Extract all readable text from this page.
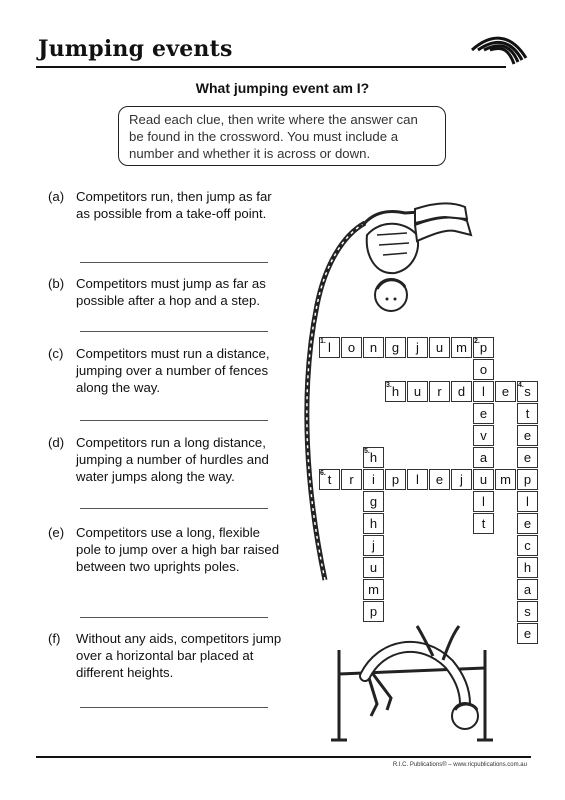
Jumping events
What jumping event am I?
Read each clue, then write where the answer can be found in the crossword. You must include a number and whether it is across or down.
(a) Competitors run, then jump as far as possible from a take-off point.
(b) Competitors must jump as far as possible after a hop and a step.
(c) Competitors must run a distance, jumping over a number of fences along the way.
(d) Competitors run a long distance, jumping a number of hurdles and water jumps along the way.
(e) Competitors use a long, flexible pole to jump over a high bar raised between two uprights poles.
(f) Without any aids, competitors jump over a horizontal bar placed at different heights.
l
1.	o	n	g	j	u m p
2.
o
l
e
v
a
u
l
t
h
3.	u	r	d	e	s
4.
t
e
e
p
l
e
c
h
a
s
e
h
5.
i
g
h
j
u
m
p
t
6.	r	p	l	e	j	m
R.I.C. Publications® – www.ricpublications.com.au
